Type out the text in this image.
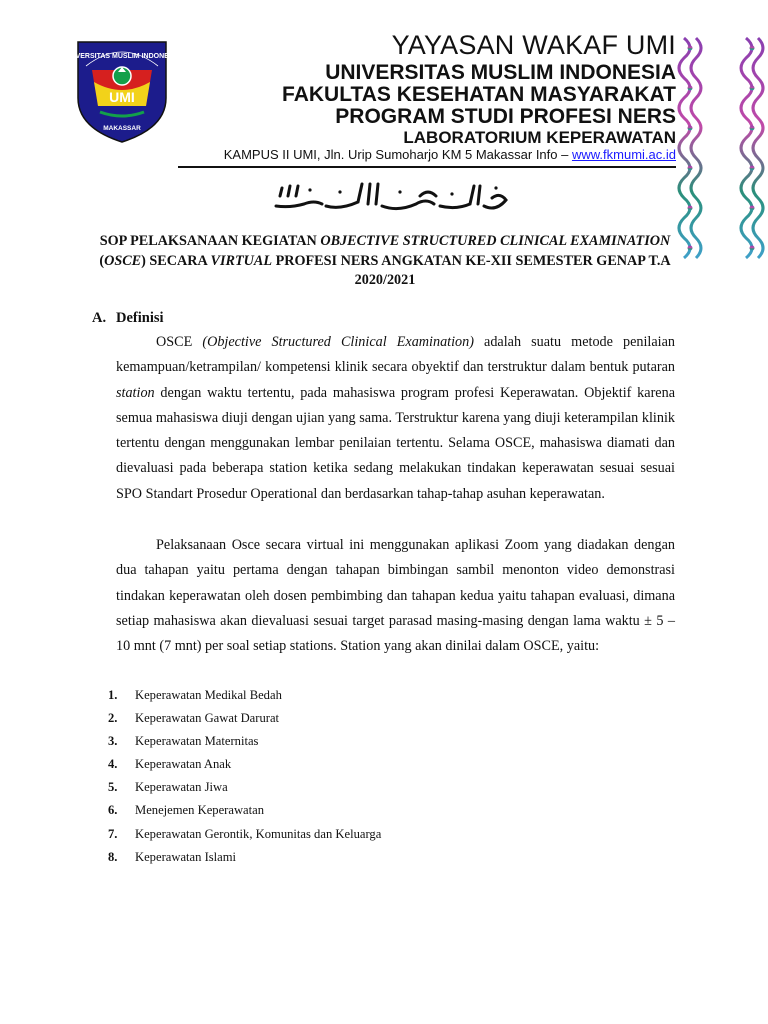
UNIVERSITAS MUSLIM INDONESIA
UMI
MAKASSAR
YAYASAN WAKAF UMI
UNIVERSITAS MUSLIM INDONESIA
FAKULTAS KESEHATAN MASYARAKAT
PROGRAM STUDI PROFESI NERS
LABORATORIUM KEPERAWATAN
KAMPUS II UMI, Jln. Urip Sumoharjo KM 5 Makassar Info – www.fkmumi.ac.id
SOP PELAKSANAAN KEGIATAN OBJECTIVE STRUCTURED CLINICAL EXAMINATION (OSCE) SECARA VIRTUAL PROFESI NERS ANGKATAN KE-XII SEMESTER GENAP T.A 2020/2021
A. Definisi
OSCE (Objective Structured Clinical Examination) adalah suatu metode penilaian kemampuan/ketrampilan/ kompetensi klinik secara obyektif dan terstruktur dalam bentuk putaran station dengan waktu tertentu, pada mahasiswa program profesi Keperawatan. Objektif karena semua mahasiswa diuji dengan ujian yang sama. Terstruktur karena yang diuji keterampilan klinik tertentu dengan menggunakan lembar penilaian tertentu. Selama OSCE, mahasiswa diamati dan dievaluasi pada beberapa station ketika sedang melakukan tindakan keperawatan sesuai sesuai SPO Standart Prosedur Operational dan berdasarkan tahap-tahap asuhan keperawatan.
Pelaksanaan Osce secara virtual ini menggunakan aplikasi Zoom yang diadakan dengan dua tahapan yaitu pertama dengan tahapan bimbingan sambil menonton video demonstrasi tindakan keperawatan oleh dosen pembimbing dan tahapan kedua yaitu tahapan evaluasi, dimana setiap mahasiswa akan dievaluasi sesuai target parasad masing-masing dengan lama waktu ± 5 – 10 mnt (7 mnt) per soal setiap stations. Station yang akan dinilai dalam OSCE, yaitu:
1. Keperawatan Medikal Bedah
2. Keperawatan Gawat Darurat
3. Keperawatan Maternitas
4. Keperawatan Anak
5. Keperawatan Jiwa
6. Menejemen Keperawatan
7. Keperawatan Gerontik, Komunitas dan Keluarga
8. Keperawatan Islami
